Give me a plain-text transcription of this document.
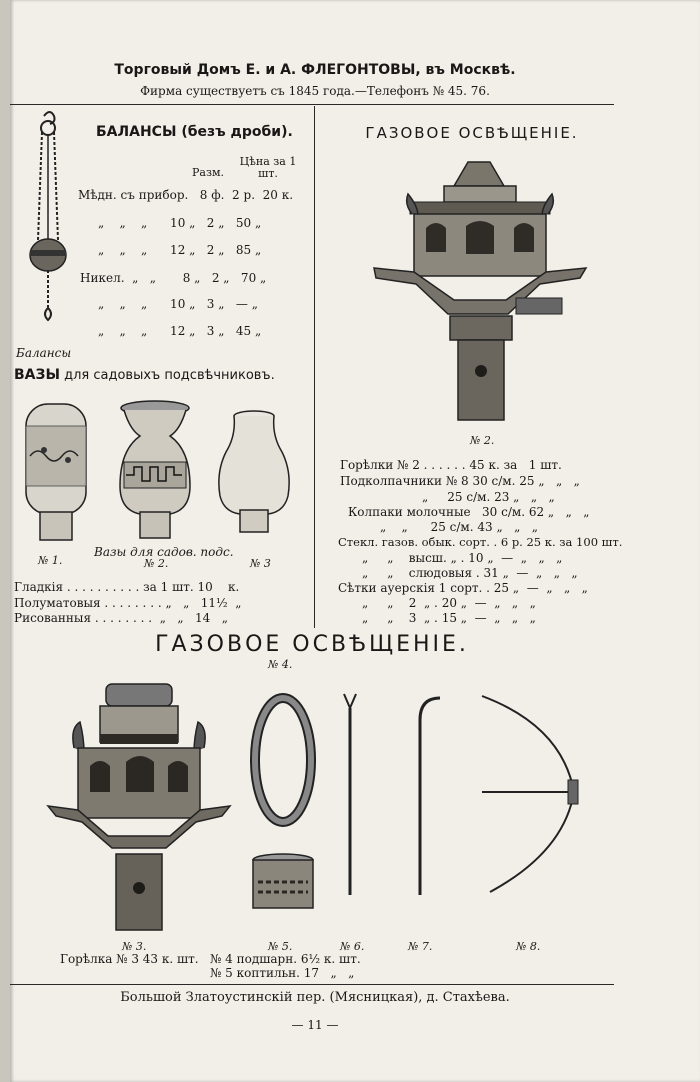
Торговый Домъ Е. и А. ФЛЕГОНТОВЫ, въ Москвѣ.
Фирма существуетъ съ 1845 года.—Телефонъ № 45. 76.
Балансы
БАЛАНСЫ (безъ дроби).
Разм.
Цѣна за 1 шт.
Мѣдн. съ прибор.   8 ф.  2 р.  20 к.
„    „    „      10 „   2 „   50 „
„    „    „      12 „   2 „   85 „
Никел.  „   „       8 „   2 „   70 „
„    „    „      10 „   3 „   — „
„    „    „      12 „   3 „   45 „
ВАЗЫ для садовыхъ подсвѣчниковъ.
№ 1.	№ 2.	№ 3
Вазы для садов. подс.
Гладкія . . . . . . . . . . за 1 шт. 10    к.
Полуматовыя . . . . . . . . „   „   11½  „
Рисованныя . . . . . . . .  „   „   14   „
ГАЗОВОЕ ОСВѢЩЕНІЕ.
№ 2.
Горѣлки № 2 . . . . . . 45 к. за   1 шт.
Подколпачники № 8 30 с/м. 25 „   „   „
„     25 с/м. 23 „   „   „
Колпаки молочные   30 с/м. 62 „   „   „
„    „      25 с/м. 43 „   „   „
Стекл. газов. обык. сорт. . 6 р. 25 к. за 100 шт.
„     „    высш. „ . 10 „  —  „   „   „
„     „    слюдовыя . 31 „  —  „   „   „
Сѣтки ауерскія 1 сорт. . 25 „  —  „   „   „
„     „    2  „ . 20 „  —  „   „   „
„     „    3  „ . 15 „  —  „   „   „
ГАЗОВОЕ ОСВѢЩЕНІЕ.
№ 4.
№ 3.	№ 5.	№ 6.	№ 7.	№ 8.
Горѣлка № 3 43 к. шт. № 4 подшарн. 6½ к. шт.
№ 5 коптильн. 17   „   „
Большой Златоустинскій пер. (Мясницкая), д. Стахѣева.
— 11 —
